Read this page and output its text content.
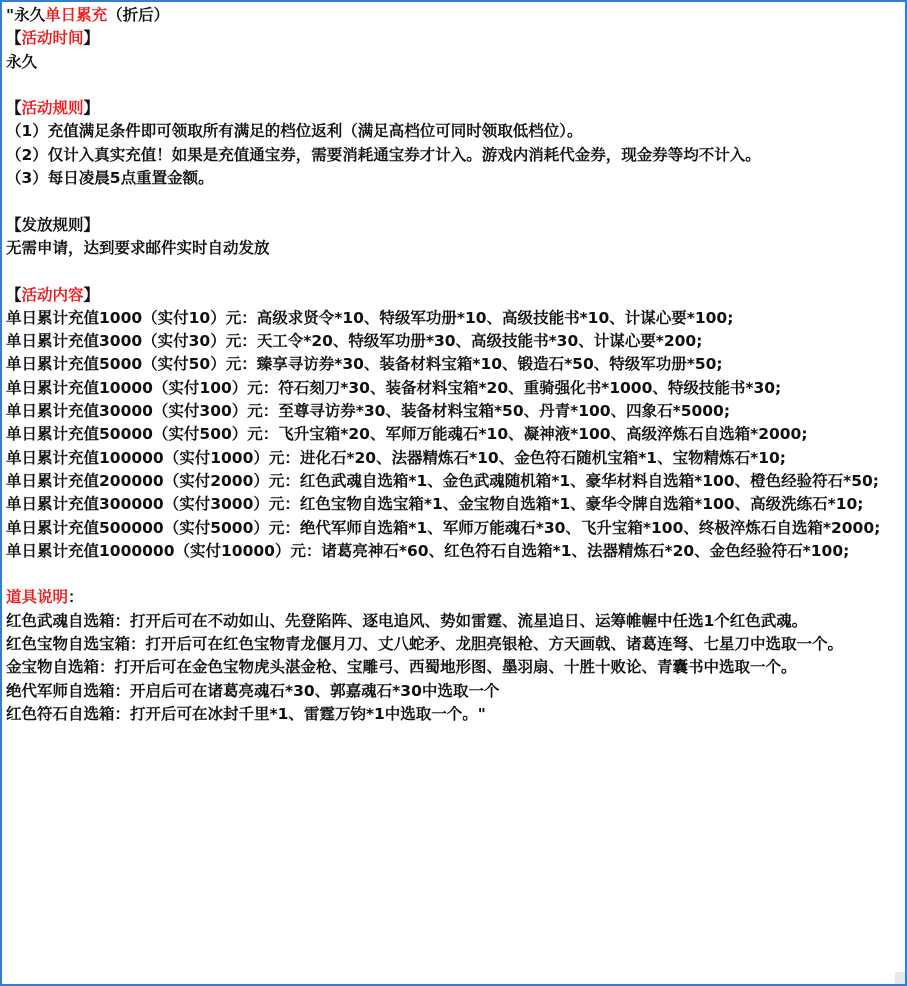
"永久单日累充（折后）

【活动时间】

永久

【活动规则】

（1）充值满足条件即可领取所有满足的档位返利（满足高档位可同时领取低档位）。

（2）仅计入真实充值！如果是充值通宝券，需要消耗通宝券才计入。游戏内消耗代金券，现金券等均不计入。

（3）每日凌晨5点重置金额。

【发放规则】

无需申请，达到要求邮件实时自动发放

【活动内容】

单日累计充值1000（实付10）元：高级求贤令*10、特级军功册*10、高级技能书*10、计谋心要*100;

单日累计充值3000（实付30）元：天工令*20、特级军功册*30、高级技能书*30、计谋心要*200;

单日累计充值5000（实付50）元：臻享寻访券*30、装备材料宝箱*10、锻造石*50、特级军功册*50;

单日累计充值10000（实付100）元：符石刻刀*30、装备材料宝箱*20、重骑强化书*1000、特级技能书*30;

单日累计充值30000（实付300）元：至尊寻访券*30、装备材料宝箱*50、丹青*100、四象石*5000;

单日累计充值50000（实付500）元：飞升宝箱*20、军师万能魂石*10、凝神液*100、高级淬炼石自选箱*2000;

单日累计充值100000（实付1000）元：进化石*20、法器精炼石*10、金色符石随机宝箱*1、宝物精炼石*10;

单日累计充值200000（实付2000）元：红色武魂自选箱*1、金色武魂随机箱*1、豪华材料自选箱*100、橙色经验符石*50;

单日累计充值300000（实付3000）元：红色宝物自选宝箱*1、金宝物自选箱*1、豪华令牌自选箱*100、高级洗练石*10;

单日累计充值500000（实付5000）元：绝代军师自选箱*1、军师万能魂石*30、飞升宝箱*100、终极淬炼石自选箱*2000;

单日累计充值1000000（实付10000）元：诸葛亮神石*60、红色符石自选箱*1、法器精炼石*20、金色经验符石*100;

道具说明：

红色武魂自选箱：打开后可在不动如山、先登陷阵、逐电追风、势如雷霆、流星追日、运筹帷幄中任选1个红色武魂。

红色宝物自选宝箱：打开后可在红色宝物青龙偃月刀、丈八蛇矛、龙胆亮银枪、方天画戟、诸葛连弩、七星刀中选取一个。

金宝物自选箱：打开后可在金色宝物虎头湛金枪、宝雕弓、西蜀地形图、墨羽扇、十胜十败论、青囊书中选取一个。

绝代军师自选箱：开启后可在诸葛亮魂石*30、郭嘉魂石*30中选取一个

红色符石自选箱：打开后可在冰封千里*1、雷霆万钧*1中选取一个。"
